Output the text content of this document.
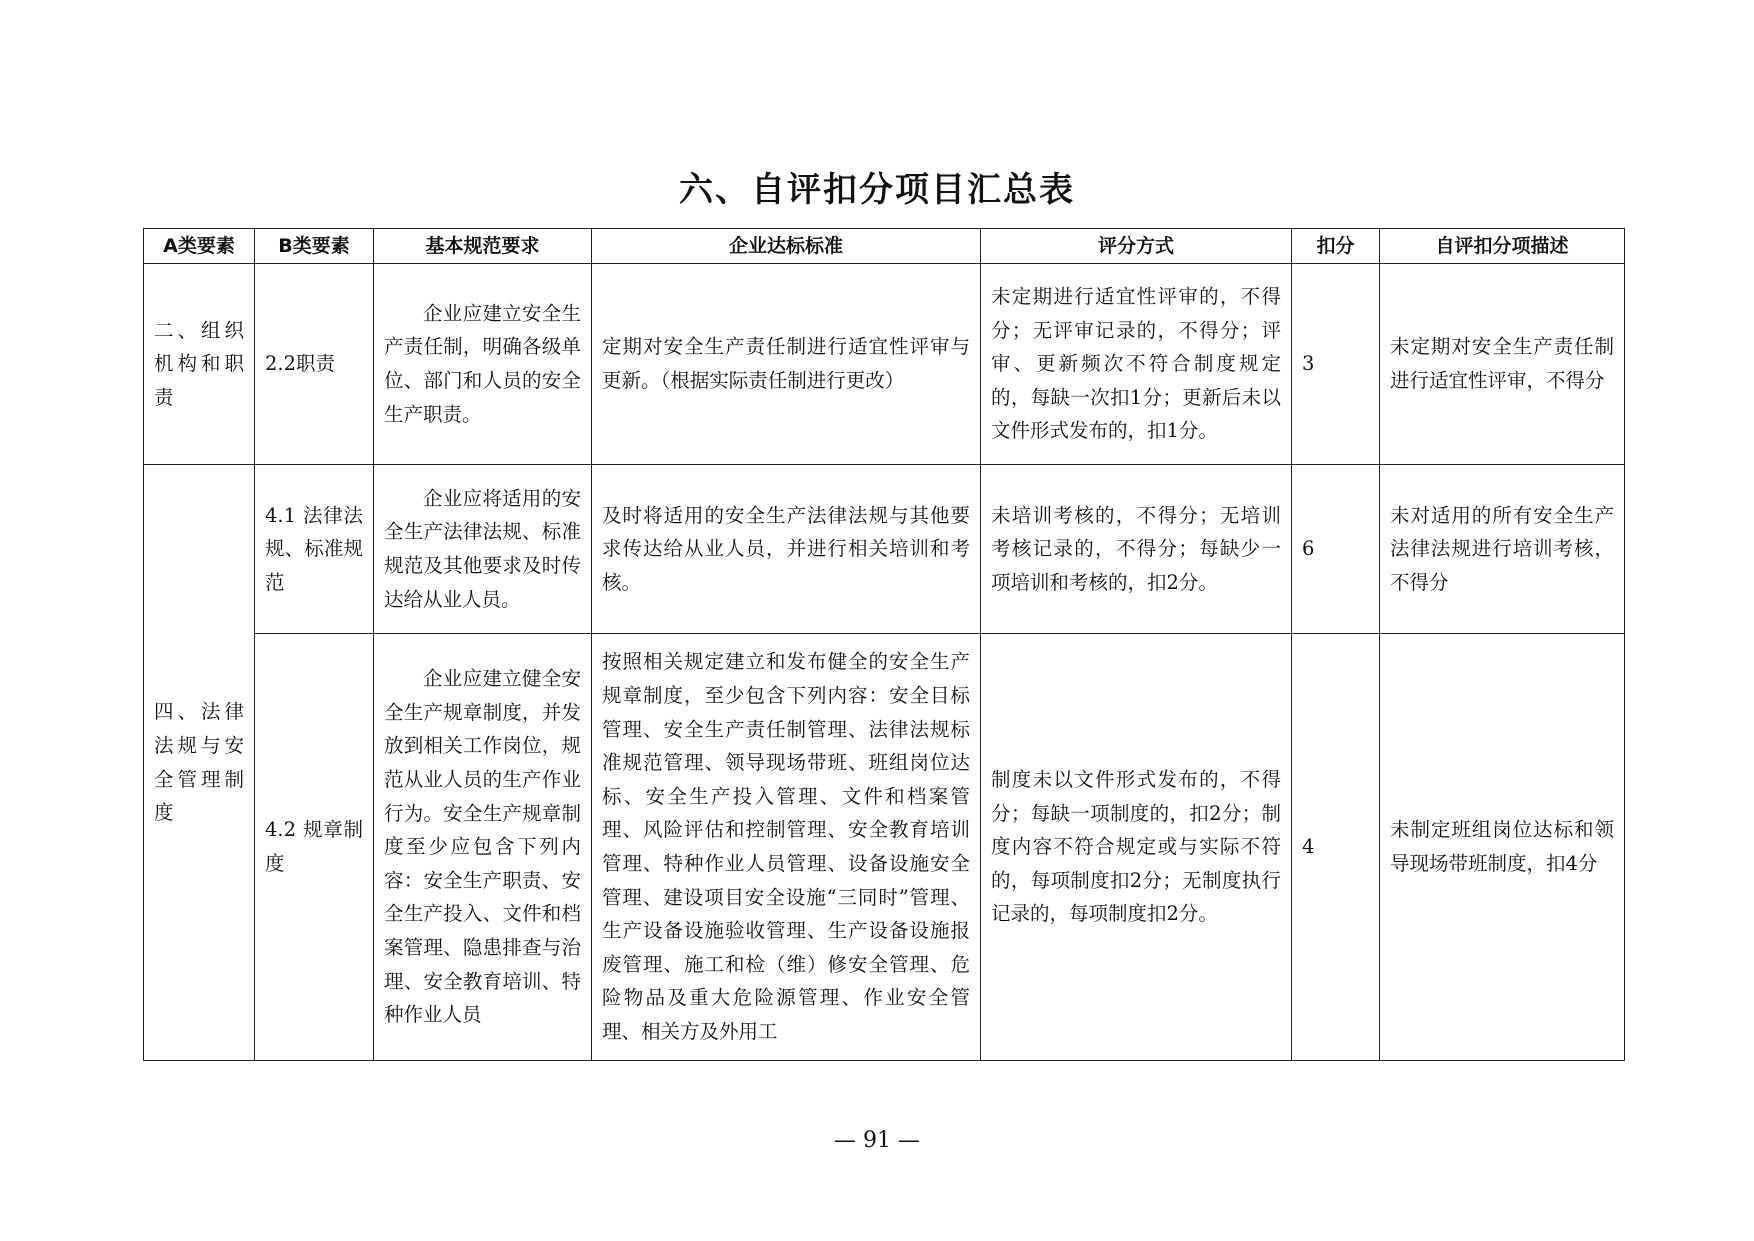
六、自评扣分项目汇总表
A类要素	B类要素	基本规范要求	企业达标标准	评分方式	扣分	自评扣分项描述
二、组织机构和职责	2.2职责	企业应建立安全生产责任制，明确各级单位、部门和人员的安全生产职责。	定期对安全生产责任制进行适宜性评审与更新。（根据实际责任制进行更改）	未定期进行适宜性评审的，不得分；无评审记录的，不得分；评审、更新频次不符合制度规定的，每缺一次扣1分；更新后未以文件形式发布的，扣1分。	3	未定期对安全生产责任制进行适宜性评审，不得分
四、法律法规与安全管理制度	4.1 法律法规、标准规范	企业应将适用的安全生产法律法规、标准规范及其他要求及时传达给从业人员。	及时将适用的安全生产法律法规与其他要求传达给从业人员，并进行相关培训和考核。	未培训考核的，不得分；无培训考核记录的，不得分；每缺少一项培训和考核的，扣2分。	6	未对适用的所有安全生产法律法规进行培训考核，不得分
	4.2 规章制度	企业应建立健全安全生产规章制度，并发放到相关工作岗位，规范从业人员的生产作业行为。安全生产规章制度至少应包含下列内容：安全生产职责、安全生产投入、文件和档案管理、隐患排查与治理、安全教育培训、特种作业人员	按照相关规定建立和发布健全的安全生产规章制度，至少包含下列内容：安全目标管理、安全生产责任制管理、法律法规标准规范管理、领导现场带班、班组岗位达标、安全生产投入管理、文件和档案管理、风险评估和控制管理、安全教育培训管理、特种作业人员管理、设备设施安全管理、建设项目安全设施“三同时”管理、生产设备设施验收管理、生产设备设施报废管理、施工和检（维）修安全管理、危险物品及重大危险源管理、作业安全管理、相关方及外用工	制度未以文件形式发布的，不得分；每缺一项制度的，扣2分；制度内容不符合规定或与实际不符的，每项制度扣2分；无制度执行记录的，每项制度扣2分。	4	未制定班组岗位达标和领导现场带班制度，扣4分
— 91 —
